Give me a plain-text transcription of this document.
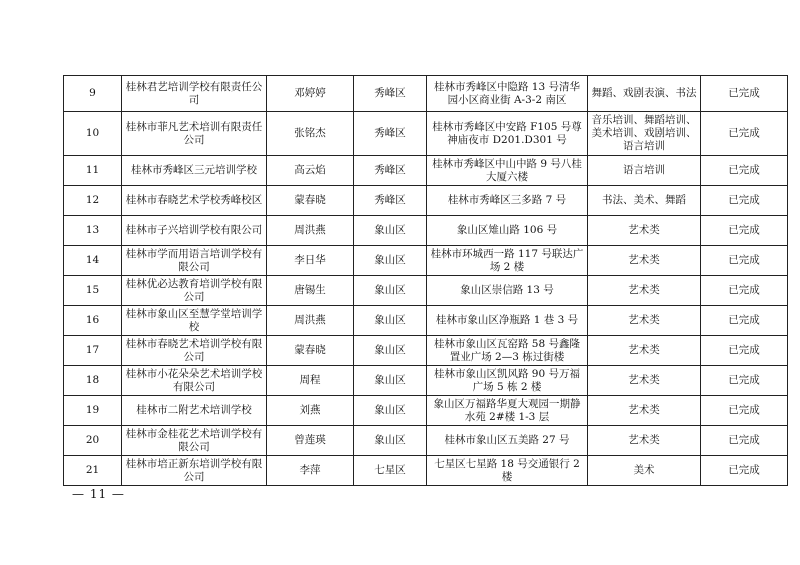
9	桂林君艺培训学校有限责任公司	邓婷婷	秀峰区	桂林市秀峰区中隐路 13 号清华园小区商业街 A-3-2 南区	舞蹈、戏剧表演、书法	已完成
10	桂林市菲凡艺术培训有限责任公司	张铭杰	秀峰区	桂林市秀峰区中安路 F105 号尊神庙夜市 D201.D301 号	音乐培训、舞蹈培训、美术培训、戏剧培训、语言培训	已完成
11	桂林市秀峰区三元培训学校	高云焰	秀峰区	桂林市秀峰区中山中路 9 号八桂大厦六楼	语言培训	已完成
12	桂林市春晓艺术学校秀峰校区	蒙春晓	秀峰区	桂林市秀峰区三多路 7 号	书法、美术、舞蹈	已完成
13	桂林市子兴培训学校有限公司	周洪燕	象山区	象山区雉山路 106 号	艺术类	已完成
14	桂林市学而用语言培训学校有限公司	李日华	象山区	桂林市环城西一路 117 号联达广场 2 楼	艺术类	已完成
15	桂林优必达教育培训学校有限公司	唐锡生	象山区	象山区崇信路 13 号	艺术类	已完成
16	桂林市象山区至慧学堂培训学校	周洪燕	象山区	桂林市象山区净瓶路 1 巷 3 号	艺术类	已完成
17	桂林市春晓艺术培训学校有限公司	蒙春晓	象山区	桂林市象山区瓦窑路 58 号鑫隆置业广场 2—3 栋过街楼	艺术类	已完成
18	桂林市小花朵朵艺术培训学校有限公司	周程	象山区	桂林市象山区凯风路 90 号万福广场 5 栋 2 楼	艺术类	已完成
19	桂林市二附艺术培训学校	刘燕	象山区	象山区万福路华夏大观园一期静水苑 2#楼 1-3 层	艺术类	已完成
20	桂林市金桂花艺术培训学校有限公司	曾莲瑛	象山区	桂林市象山区五美路 27 号	艺术类	已完成
21	桂林市培正新东培训学校有限公司	李萍	七星区	七星区七星路 18 号交通银行 2 楼	美术	已完成
— 11 —
